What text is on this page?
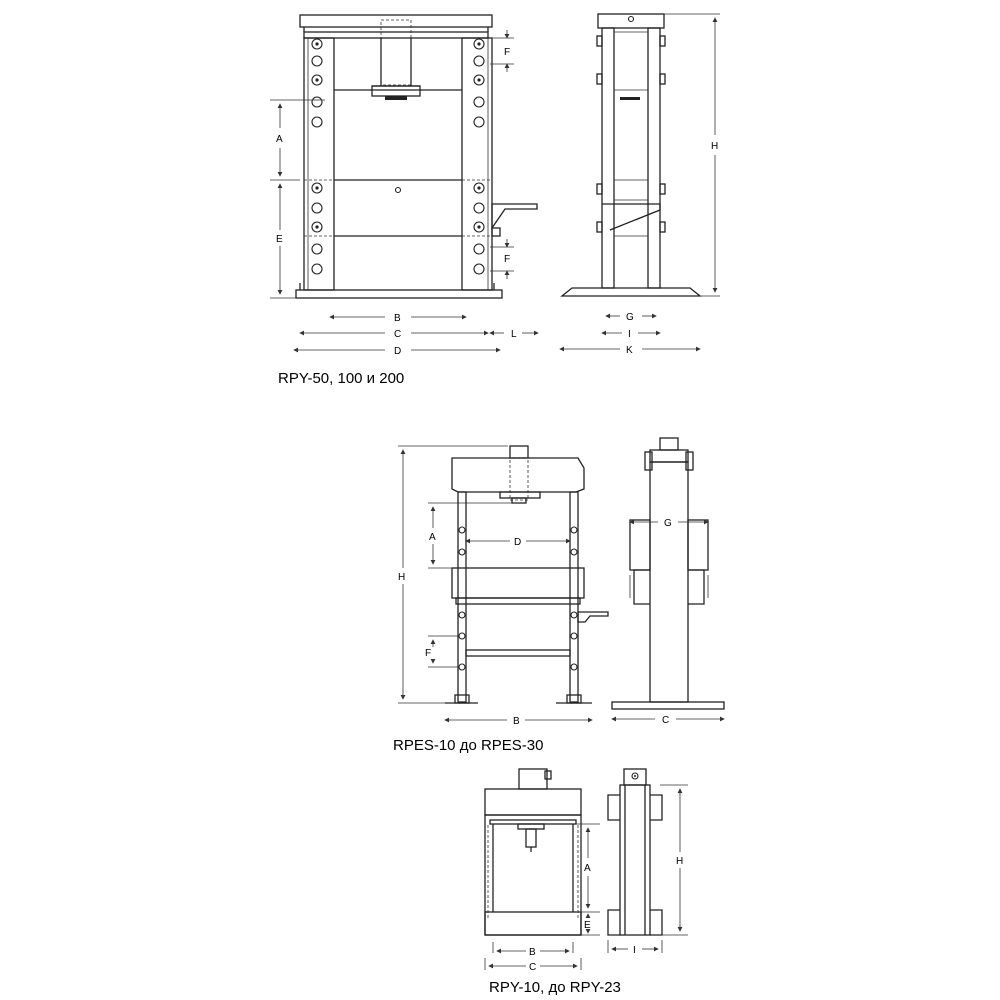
A
E
F
F
B
C	L
D
H
G
I
K
RPY-50, 100 и 200
H
A
F
D
B
G
C
RPES-10 до RPES-30
A
E
H
B
C
I
RPY-10, до RPY-23
